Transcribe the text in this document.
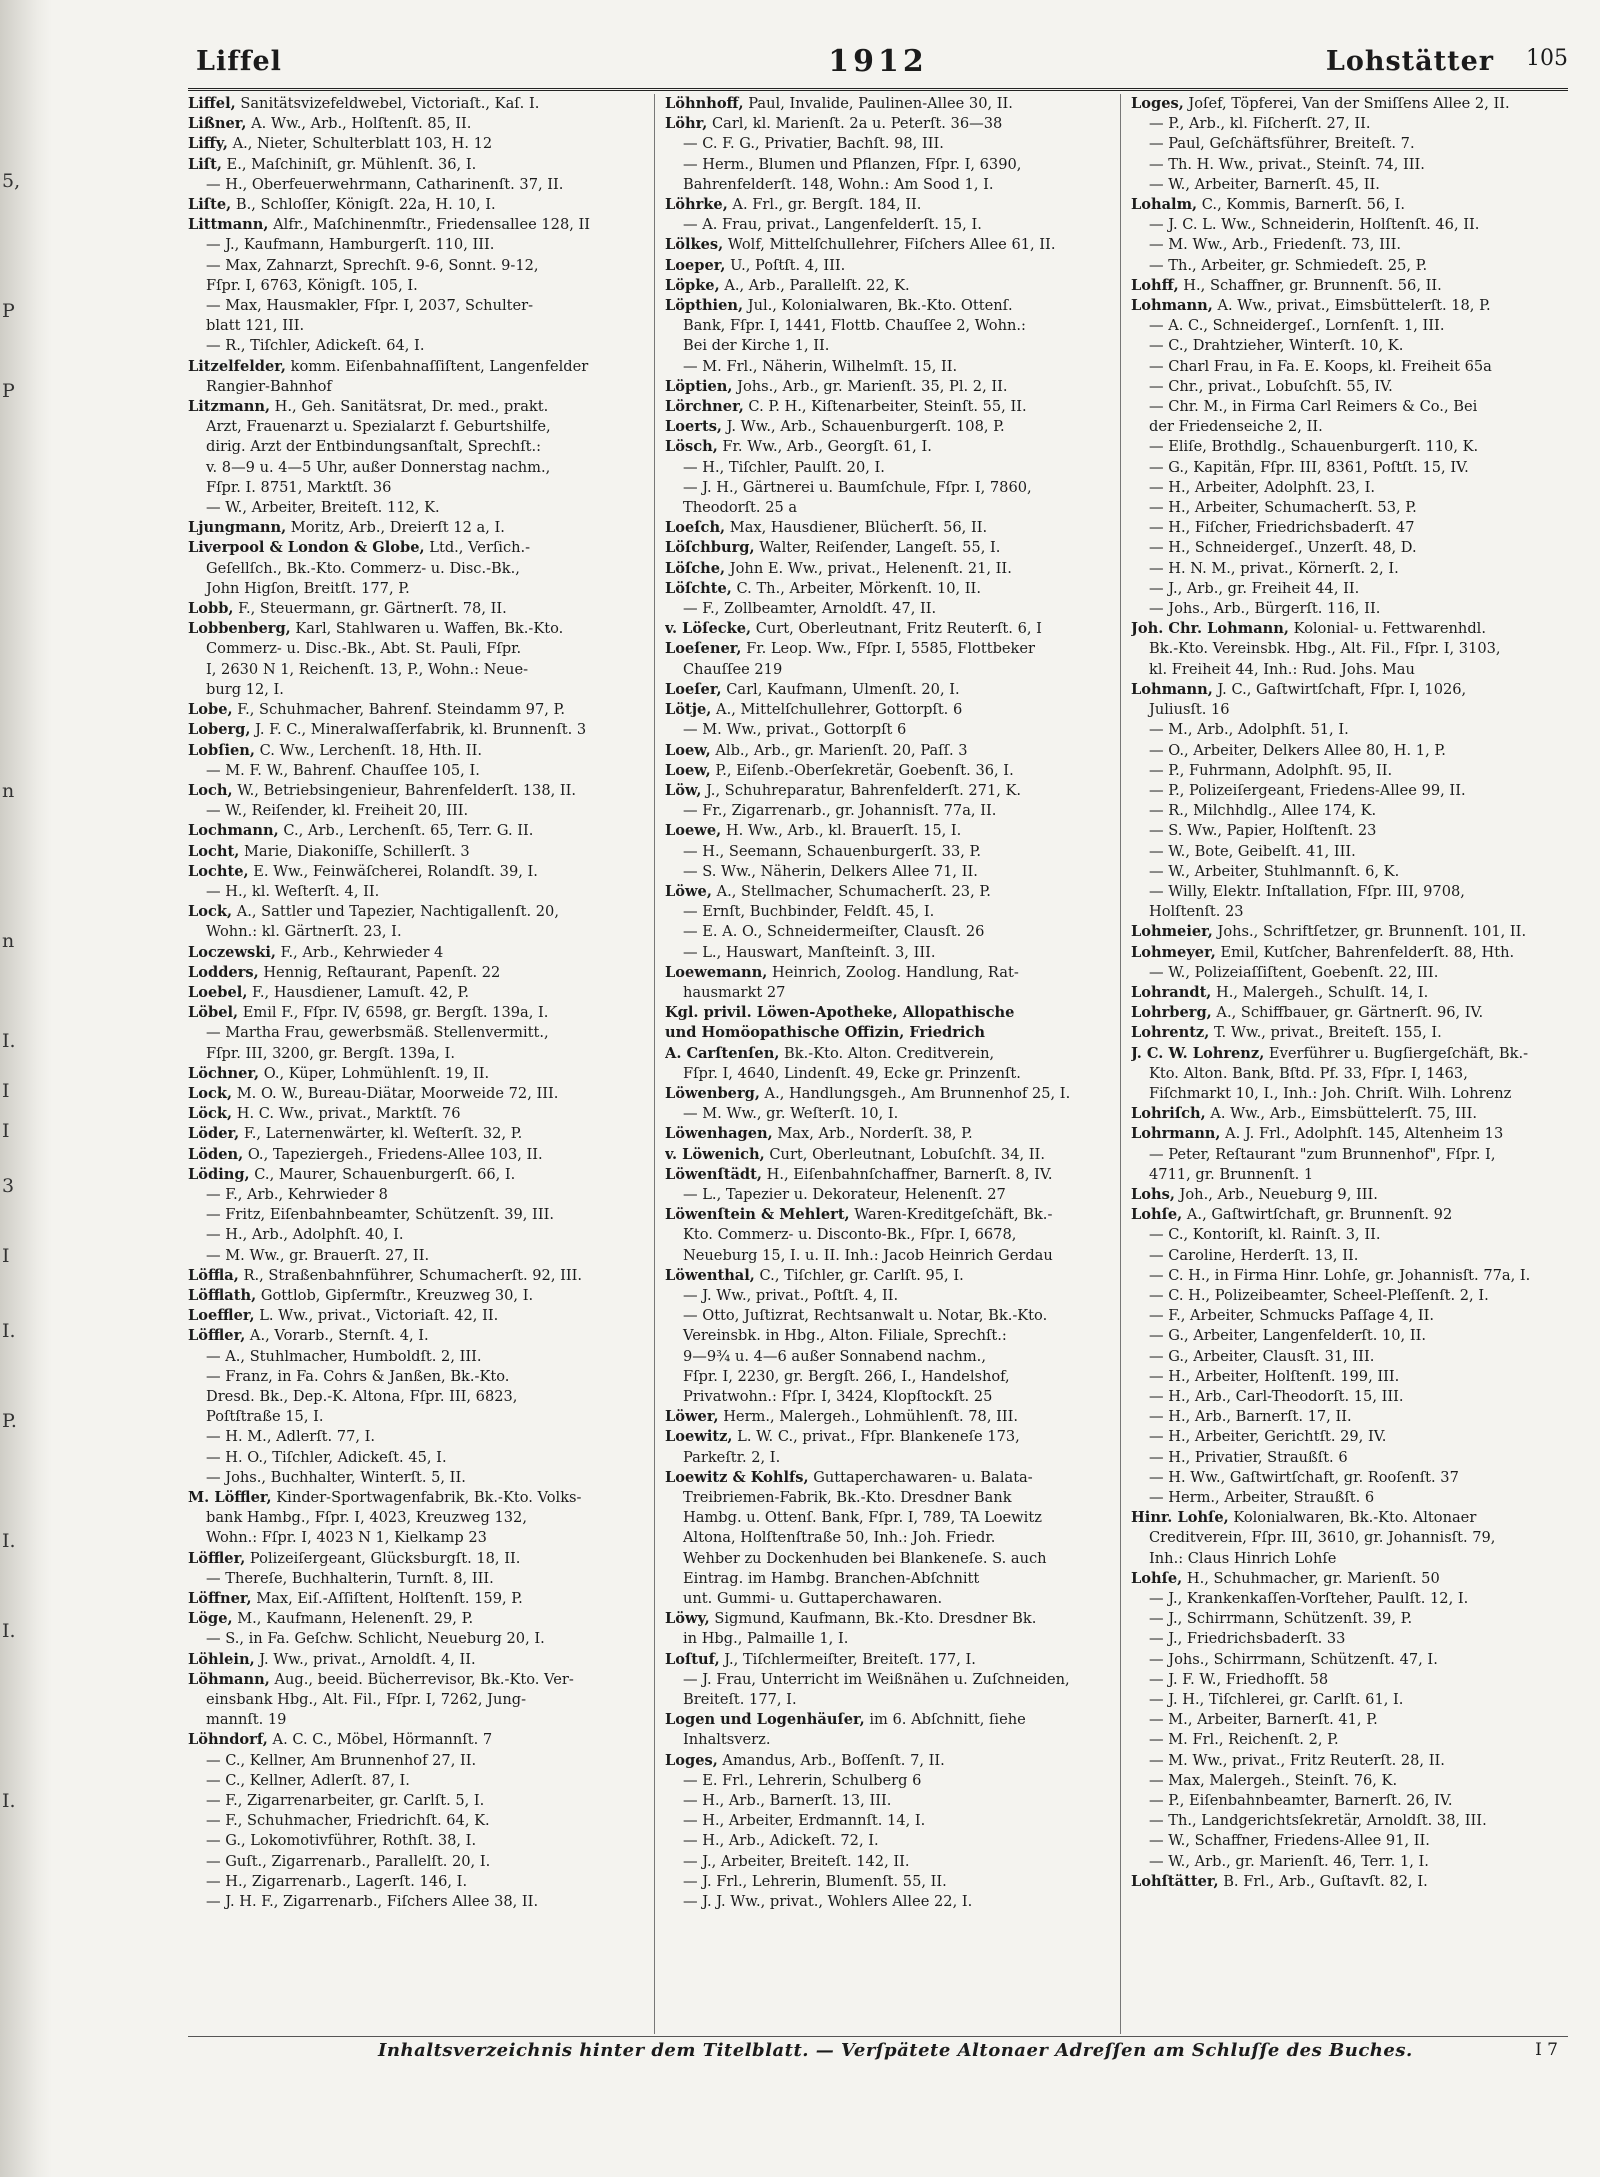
5,
P
P
n
n
I.
I
I
3
I
I.
P.
I.
I.
I.
Liffel	1912	Lohstätter 105
Liffel, Sanitätsvizefeldwebel, Victoriaſt., Kaſ. I.
Lißner, A. Ww., Arb., Holſtenſt. 85, II.
Liffy, A., Nieter, Schulterblatt 103, H. 12
Liſt, E., Maſchiniſt, gr. Mühlenſt. 36, I.
— H., Oberfeuerwehrmann, Catharinenſt. 37, II.
Liſte, B., Schloſſer, Königſt. 22a, H. 10, I.
Littmann, Alfr., Maſchinenmſtr., Friedensallee 128, II
— J., Kaufmann, Hamburgerſt. 110, III.
— Max, Zahnarzt, Sprechſt. 9-6, Sonnt. 9-12,
Fſpr. I, 6763, Königſt. 105, I.
— Max, Hausmakler, Fſpr. I, 2037, Schulter-
blatt 121, III.
— R., Tiſchler, Adickeſt. 64, I.
Litzelfelder, komm. Eiſenbahnaſſiſtent, Langenfelder
Rangier-Bahnhof
Litzmann, H., Geh. Sanitätsrat, Dr. med., prakt.
Arzt, Frauenarzt u. Spezialarzt f. Geburtshilfe,
dirig. Arzt der Entbindungsanſtalt, Sprechſt.:
v. 8—9 u. 4—5 Uhr, außer Donnerstag nachm.,
Fſpr. I. 8751, Marktſt. 36
— W., Arbeiter, Breiteſt. 112, K.
Ljungmann, Moritz, Arb., Dreierſt 12 a, I.
Liverpool & London & Globe, Ltd., Verſich.-
Geſellſch., Bk.-Kto. Commerz- u. Disc.-Bk.,
John Higſon, Breitſt. 177, P.
Lobb, F., Steuermann, gr. Gärtnerſt. 78, II.
Lobbenberg, Karl, Stahlwaren u. Waffen, Bk.-Kto.
Commerz- u. Disc.-Bk., Abt. St. Pauli, Fſpr.
I, 2630 N 1, Reichenſt. 13, P., Wohn.: Neue-
burg 12, I.
Lobe, F., Schuhmacher, Bahrenf. Steindamm 97, P.
Loberg, J. F. C., Mineralwaſſerfabrik, kl. Brunnenſt. 3
Lobſien, C. Ww., Lerchenſt. 18, Hth. II.
— M. F. W., Bahrenf. Chauſſee 105, I.
Loch, W., Betriebsingenieur, Bahrenfelderſt. 138, II.
— W., Reiſender, kl. Freiheit 20, III.
Lochmann, C., Arb., Lerchenſt. 65, Terr. G. II.
Locht, Marie, Diakoniſſe, Schillerſt. 3
Lochte, E. Ww., Feinwäſcherei, Rolandſt. 39, I.
— H., kl. Weſterſt. 4, II.
Lock, A., Sattler und Tapezier, Nachtigallenſt. 20,
Wohn.: kl. Gärtnerſt. 23, I.
Loczewski, F., Arb., Kehrwieder 4
Lodders, Hennig, Reſtaurant, Papenſt. 22
Loebel, F., Hausdiener, Lamuſt. 42, P.
Löbel, Emil F., Fſpr. IV, 6598, gr. Bergſt. 139a, I.
— Martha Frau, gewerbsmäß. Stellenvermitt.,
Fſpr. III, 3200, gr. Bergſt. 139a, I.
Löchner, O., Küper, Lohmühlenſt. 19, II.
Lock, M. O. W., Bureau-Diätar, Moorweide 72, III.
Löck, H. C. Ww., privat., Marktſt. 76
Löder, F., Laternenwärter, kl. Weſterſt. 32, P.
Löden, O., Tapeziergeh., Friedens-Allee 103, II.
Löding, C., Maurer, Schauenburgerſt. 66, I.
— F., Arb., Kehrwieder 8
— Fritz, Eiſenbahnbeamter, Schützenſt. 39, III.
— H., Arb., Adolphſt. 40, I.
— M. Ww., gr. Brauerſt. 27, II.
Löffla, R., Straßenbahnführer, Schumacherſt. 92, III.
Löfflath, Gottlob, Gipſermſtr., Kreuzweg 30, I.
Loeffler, L. Ww., privat., Victoriaſt. 42, II.
Löffler, A., Vorarb., Sternſt. 4, I.
— A., Stuhlmacher, Humboldſt. 2, III.
— Franz, in Fa. Cohrs & Janßen, Bk.-Kto.
Dresd. Bk., Dep.-K. Altona, Fſpr. III, 6823,
Poſtſtraße 15, I.
— H. M., Adlerſt. 77, I.
— H. O., Tiſchler, Adickeſt. 45, I.
— Johs., Buchhalter, Winterſt. 5, II.
M. Löffler, Kinder-Sportwagenfabrik, Bk.-Kto. Volks-
bank Hambg., Fſpr. I, 4023, Kreuzweg 132,
Wohn.: Fſpr. I, 4023 N 1, Kielkamp 23
Löffler, Polizeiſergeant, Glücksburgſt. 18, II.
— Thereſe, Buchhalterin, Turnſt. 8, III.
Löffner, Max, Eiſ.-Aſſiſtent, Holſtenſt. 159, P.
Löge, M., Kaufmann, Helenenſt. 29, P.
— S., in Fa. Geſchw. Schlicht, Neueburg 20, I.
Löhlein, J. Ww., privat., Arnoldſt. 4, II.
Löhmann, Aug., beeid. Bücherrevisor, Bk.-Kto. Ver-
einsbank Hbg., Alt. Fil., Fſpr. I, 7262, Jung-
mannſt. 19
Löhndorf, A. C. C., Möbel, Hörmannſt. 7
— C., Kellner, Am Brunnenhof 27, II.
— C., Kellner, Adlerſt. 87, I.
— F., Zigarrenarbeiter, gr. Carlſt. 5, I.
— F., Schuhmacher, Friedrichſt. 64, K.
— G., Lokomotivführer, Rothſt. 38, I.
— Guſt., Zigarrenarb., Parallelſt. 20, I.
— H., Zigarrenarb., Lagerſt. 146, I.
— J. H. F., Zigarrenarb., Fiſchers Allee 38, II.
Löhnhoff, Paul, Invalide, Paulinen-Allee 30, II.
Löhr, Carl, kl. Marienſt. 2a u. Peterſt. 36—38
— C. F. G., Privatier, Bachſt. 98, III.
— Herm., Blumen und Pflanzen, Fſpr. I, 6390,
Bahrenfelderſt. 148, Wohn.: Am Sood 1, I.
Löhrke, A. Frl., gr. Bergſt. 184, II.
— A. Frau, privat., Langenfelderſt. 15, I.
Lölkes, Wolf, Mittelſchullehrer, Fiſchers Allee 61, II.
Loeper, U., Poſtſt. 4, III.
Löpke, A., Arb., Parallelſt. 22, K.
Löpthien, Jul., Kolonialwaren, Bk.-Kto. Ottenſ.
Bank, Fſpr. I, 1441, Flottb. Chauſſee 2, Wohn.:
Bei der Kirche 1, II.
— M. Frl., Näherin, Wilhelmſt. 15, II.
Löptien, Johs., Arb., gr. Marienſt. 35, Pl. 2, II.
Lörchner, C. P. H., Kiſtenarbeiter, Steinſt. 55, II.
Loerts, J. Ww., Arb., Schauenburgerſt. 108, P.
Lösch, Fr. Ww., Arb., Georgſt. 61, I.
— H., Tiſchler, Paulſt. 20, I.
— J. H., Gärtnerei u. Baumſchule, Fſpr. I, 7860,
Theodorſt. 25 a
Loeſch, Max, Hausdiener, Blücherſt. 56, II.
Löſchburg, Walter, Reiſender, Langeſt. 55, I.
Löſche, John E. Ww., privat., Helenenſt. 21, II.
Löſchte, C. Th., Arbeiter, Mörkenſt. 10, II.
— F., Zollbeamter, Arnoldſt. 47, II.
v. Löſecke, Curt, Oberleutnant, Fritz Reuterſt. 6, I
Loeſener, Fr. Leop. Ww., Fſpr. I, 5585, Flottbeker
Chauſſee 219
Loeſer, Carl, Kaufmann, Ulmenſt. 20, I.
Lötje, A., Mittelſchullehrer, Gottorpſt. 6
— M. Ww., privat., Gottorpſt 6
Loew, Alb., Arb., gr. Marienſt. 20, Paſſ. 3
Loew, P., Eiſenb.-Oberſekretär, Goebenſt. 36, I.
Löw, J., Schuhreparatur, Bahrenfelderſt. 271, K.
— Fr., Zigarrenarb., gr. Johannisſt. 77a, II.
Loewe, H. Ww., Arb., kl. Brauerſt. 15, I.
— H., Seemann, Schauenburgerſt. 33, P.
— S. Ww., Näherin, Delkers Allee 71, II.
Löwe, A., Stellmacher, Schumacherſt. 23, P.
— Ernſt, Buchbinder, Feldſt. 45, I.
— E. A. O., Schneidermeiſter, Clausſt. 26
— L., Hauswart, Manſteinſt. 3, III.
Loewemann, Heinrich, Zoolog. Handlung, Rat-
hausmarkt 27
Kgl. privil. Löwen-Apotheke, Allopathische
und Homöopathische Offizin, Friedrich
A. Carſtenſen, Bk.-Kto. Alton. Creditverein,
Fſpr. I, 4640, Lindenſt. 49, Ecke gr. Prinzenſt.
Löwenberg, A., Handlungsgeh., Am Brunnenhof 25, I.
— M. Ww., gr. Weſterſt. 10, I.
Löwenhagen, Max, Arb., Norderſt. 38, P.
v. Löwenich, Curt, Oberleutnant, Lobuſchſt. 34, II.
Löwenſtädt, H., Eiſenbahnſchaffner, Barnerſt. 8, IV.
— L., Tapezier u. Dekorateur, Helenenſt. 27
Löwenſtein & Mehlert, Waren-Kreditgeſchäft, Bk.-
Kto. Commerz- u. Disconto-Bk., Fſpr. I, 6678,
Neueburg 15, I. u. II. Inh.: Jacob Heinrich Gerdau
Löwenthal, C., Tiſchler, gr. Carlſt. 95, I.
— J. Ww., privat., Poſtſt. 4, II.
— Otto, Juſtizrat, Rechtsanwalt u. Notar, Bk.-Kto.
Vereinsbk. in Hbg., Alton. Filiale, Sprechſt.:
9—9¾ u. 4—6 außer Sonnabend nachm.,
Fſpr. I, 2230, gr. Bergſt. 266, I., Handelshof,
Privatwohn.: Fſpr. I, 3424, Klopſtockſt. 25
Löwer, Herm., Malergeh., Lohmühlenſt. 78, III.
Loewitz, L. W. C., privat., Fſpr. Blankeneſe 173,
Parkeſtr. 2, I.
Loewitz & Kohlfs, Guttaperchawaren- u. Balata-
Treibriemen-Fabrik, Bk.-Kto. Dresdner Bank
Hambg. u. Ottenſ. Bank, Fſpr. I, 789, TA Loewitz
Altona, Holſtenſtraße 50, Inh.: Joh. Friedr.
Wehber zu Dockenhuden bei Blankeneſe. S. auch
Eintrag. im Hambg. Branchen-Abſchnitt
unt. Gummi- u. Guttaperchawaren.
Löwy, Sigmund, Kaufmann, Bk.-Kto. Dresdner Bk.
in Hbg., Palmaille 1, I.
Loſtuf, J., Tiſchlermeiſter, Breiteſt. 177, I.
— J. Frau, Unterricht im Weißnähen u. Zuſchneiden,
Breiteſt. 177, I.
Logen und Logenhäuſer, im 6. Abſchnitt, ſiehe
Inhaltsverz.
Loges, Amandus, Arb., Boſſenſt. 7, II.
— E. Frl., Lehrerin, Schulberg 6
— H., Arb., Barnerſt. 13, III.
— H., Arbeiter, Erdmannſt. 14, I.
— H., Arb., Adickeſt. 72, I.
— J., Arbeiter, Breiteſt. 142, II.
— J. Frl., Lehrerin, Blumenſt. 55, II.
— J. J. Ww., privat., Wohlers Allee 22, I.
Loges, Joſef, Töpferei, Van der Smiſſens Allee 2, II.
— P., Arb., kl. Fiſcherſt. 27, II.
— Paul, Geſchäftsführer, Breiteſt. 7.
— Th. H. Ww., privat., Steinſt. 74, III.
— W., Arbeiter, Barnerſt. 45, II.
Lohalm, C., Kommis, Barnerſt. 56, I.
— J. C. L. Ww., Schneiderin, Holſtenſt. 46, II.
— M. Ww., Arb., Friedenſt. 73, III.
— Th., Arbeiter, gr. Schmiedeſt. 25, P.
Lohff, H., Schaffner, gr. Brunnenſt. 56, II.
Lohmann, A. Ww., privat., Eimsbüttelerſt. 18, P.
— A. C., Schneidergeſ., Lornſenſt. 1, III.
— C., Drahtzieher, Winterſt. 10, K.
— Charl Frau, in Fa. E. Koops, kl. Freiheit 65a
— Chr., privat., Lobuſchſt. 55, IV.
— Chr. M., in Firma Carl Reimers & Co., Bei
der Friedenseiche 2, II.
— Eliſe, Brothdlg., Schauenburgerſt. 110, K.
— G., Kapitän, Fſpr. III, 8361, Poſtſt. 15, IV.
— H., Arbeiter, Adolphſt. 23, I.
— H., Arbeiter, Schumacherſt. 53, P.
— H., Fiſcher, Friedrichsbaderſt. 47
— H., Schneidergeſ., Unzerſt. 48, D.
— H. N. M., privat., Körnerſt. 2, I.
— J., Arb., gr. Freiheit 44, II.
— Johs., Arb., Bürgerſt. 116, II.
Joh. Chr. Lohmann, Kolonial- u. Fettwarenhdl.
Bk.-Kto. Vereinsbk. Hbg., Alt. Fil., Fſpr. I, 3103,
kl. Freiheit 44, Inh.: Rud. Johs. Mau
Lohmann, J. C., Gaſtwirtſchaft, Fſpr. I, 1026,
Juliusſt. 16
— M., Arb., Adolphſt. 51, I.
— O., Arbeiter, Delkers Allee 80, H. 1, P.
— P., Fuhrmann, Adolphſt. 95, II.
— P., Polizeiſergeant, Friedens-Allee 99, II.
— R., Milchhdlg., Allee 174, K.
— S. Ww., Papier, Holſtenſt. 23
— W., Bote, Geibelſt. 41, III.
— W., Arbeiter, Stuhlmannſt. 6, K.
— Willy, Elektr. Inſtallation, Fſpr. III, 9708,
Holſtenſt. 23
Lohmeier, Johs., Schriftſetzer, gr. Brunnenſt. 101, II.
Lohmeyer, Emil, Kutſcher, Bahrenfelderſt. 88, Hth.
— W., Polizeiaſſiſtent, Goebenſt. 22, III.
Lohrandt, H., Malergeh., Schulſt. 14, I.
Lohrberg, A., Schiffbauer, gr. Gärtnerſt. 96, IV.
Lohrentz, T. Ww., privat., Breiteſt. 155, I.
J. C. W. Lohrenz, Everführer u. Bugſiergeſchäft, Bk.-
Kto. Alton. Bank, Bſtd. Pf. 33, Fſpr. I, 1463,
Fiſchmarkt 10, I., Inh.: Joh. Chriſt. Wilh. Lohrenz
Lohriſch, A. Ww., Arb., Eimsbüttelerſt. 75, III.
Lohrmann, A. J. Frl., Adolphſt. 145, Altenheim 13
— Peter, Reſtaurant "zum Brunnenhof", Fſpr. I,
4711, gr. Brunnenſt. 1
Lohs, Joh., Arb., Neueburg 9, III.
Lohſe, A., Gaſtwirtſchaft, gr. Brunnenſt. 92
— C., Kontoriſt, kl. Rainſt. 3, II.
— Caroline, Herderſt. 13, II.
— C. H., in Firma Hinr. Lohſe, gr. Johannisſt. 77a, I.
— C. H., Polizeibeamter, Scheel-Pleſſenſt. 2, I.
— F., Arbeiter, Schmucks Paſſage 4, II.
— G., Arbeiter, Langenfelderſt. 10, II.
— G., Arbeiter, Clausſt. 31, III.
— H., Arbeiter, Holſtenſt. 199, III.
— H., Arb., Carl-Theodorſt. 15, III.
— H., Arb., Barnerſt. 17, II.
— H., Arbeiter, Gerichtſt. 29, IV.
— H., Privatier, Straußſt. 6
— H. Ww., Gaſtwirtſchaft, gr. Rooſenſt. 37
— Herm., Arbeiter, Straußſt. 6
Hinr. Lohſe, Kolonialwaren, Bk.-Kto. Altonaer
Creditverein, Fſpr. III, 3610, gr. Johannisſt. 79,
Inh.: Claus Hinrich Lohſe
Lohſe, H., Schuhmacher, gr. Marienſt. 50
— J., Krankenkaſſen-Vorſteher, Paulſt. 12, I.
— J., Schirrmann, Schützenſt. 39, P.
— J., Friedrichsbaderſt. 33
— Johs., Schirrmann, Schützenſt. 47, I.
— J. F. W., Friedhofſt. 58
— J. H., Tiſchlerei, gr. Carlſt. 61, I.
— M., Arbeiter, Barnerſt. 41, P.
— M. Frl., Reichenſt. 2, P.
— M. Ww., privat., Fritz Reuterſt. 28, II.
— Max, Malergeh., Steinſt. 76, K.
— P., Eiſenbahnbeamter, Barnerſt. 26, IV.
— Th., Landgerichtsſekretär, Arnoldſt. 38, III.
— W., Schaffner, Friedens-Allee 91, II.
— W., Arb., gr. Marienſt. 46, Terr. 1, I.
Lohſtätter, B. Frl., Arb., Guſtavſt. 82, I.
Inhaltsverzeichnis hinter dem Titelblatt. — Verſpätete Altonaer Adreſſen am Schluſſe des Buches.	I 7
